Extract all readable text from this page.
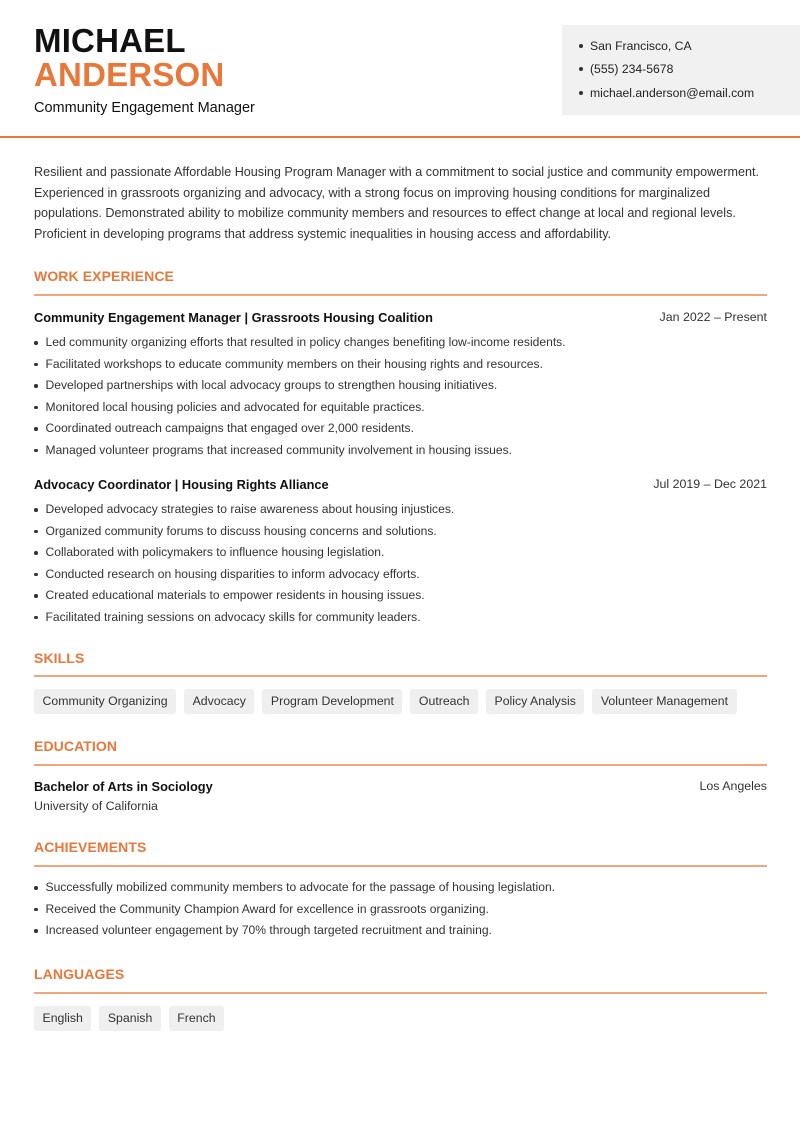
MICHAEL
ANDERSON
Community Engagement Manager
San Francisco, CA
(555) 234-5678
michael.anderson@email.com
Resilient and passionate Affordable Housing Program Manager with a commitment to social justice and community empowerment. Experienced in grassroots organizing and advocacy, with a strong focus on improving housing conditions for marginalized populations. Demonstrated ability to mobilize community members and resources to effect change at local and regional levels. Proficient in developing programs that address systemic inequalities in housing access and affordability.
WORK EXPERIENCE
Community Engagement Manager | Grassroots Housing Coalition	Jan 2022 – Present
Led community organizing efforts that resulted in policy changes benefiting low-income residents.
Facilitated workshops to educate community members on their housing rights and resources.
Developed partnerships with local advocacy groups to strengthen housing initiatives.
Monitored local housing policies and advocated for equitable practices.
Coordinated outreach campaigns that engaged over 2,000 residents.
Managed volunteer programs that increased community involvement in housing issues.
Advocacy Coordinator | Housing Rights Alliance	Jul 2019 – Dec 2021
Developed advocacy strategies to raise awareness about housing injustices.
Organized community forums to discuss housing concerns and solutions.
Collaborated with policymakers to influence housing legislation.
Conducted research on housing disparities to inform advocacy efforts.
Created educational materials to empower residents in housing issues.
Facilitated training sessions on advocacy skills for community leaders.
SKILLS
Community Organizing	Advocacy	Program Development	Outreach	Policy Analysis	Volunteer Management
EDUCATION
Bachelor of Arts in Sociology	Los Angeles
University of California
ACHIEVEMENTS
Successfully mobilized community members to advocate for the passage of housing legislation.
Received the Community Champion Award for excellence in grassroots organizing.
Increased volunteer engagement by 70% through targeted recruitment and training.
LANGUAGES
English	Spanish	French
